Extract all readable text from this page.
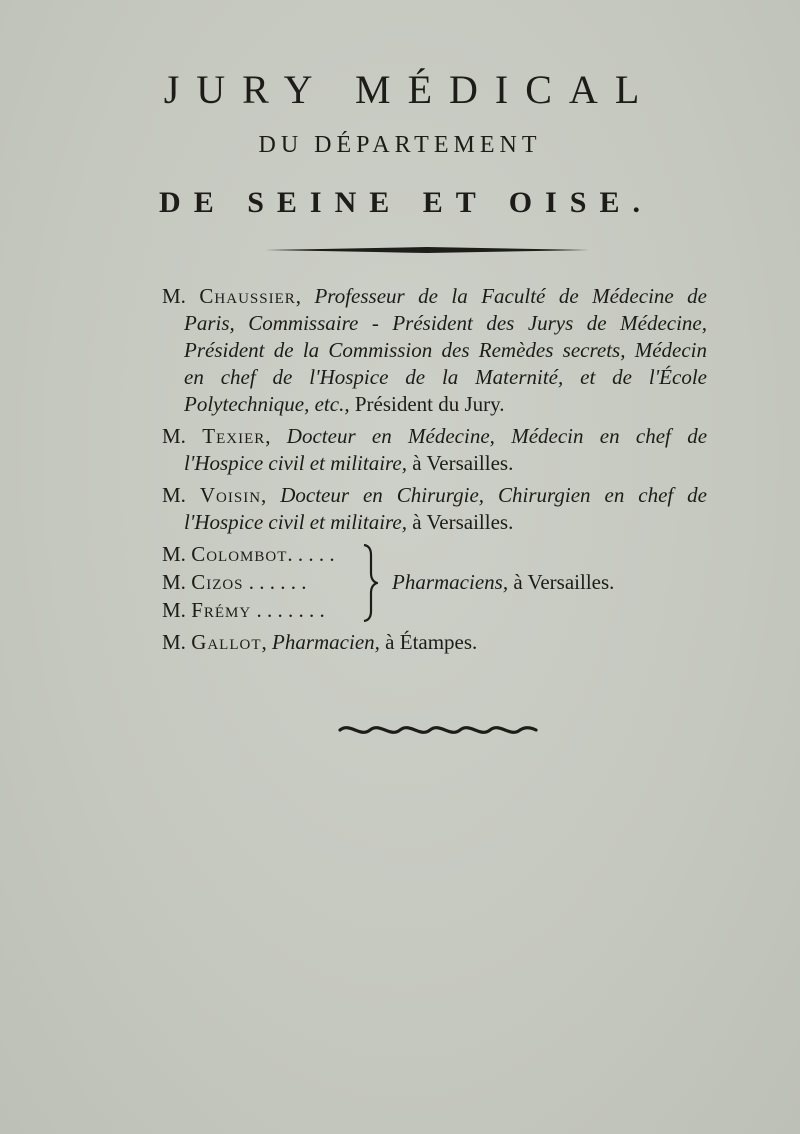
JURY MÉDICAL
DU DÉPARTEMENT
DE SEINE ET OISE.
M. Chaussier, Professeur de la Faculté de Médecine de
Paris, Commissaire - Président des Jurys de Médecine,
Président de la Commission des Remèdes secrets, Médecin
en chef de l'Hospice de la Maternité, et de l'École
Polytechnique, etc., Président du Jury.
M. Texier, Docteur en Médecine, Médecin en chef de
l'Hospice civil et militaire, à Versailles.
M. Voisin, Docteur en Chirurgie, Chirurgien en chef de
l'Hospice civil et militaire, à Versailles.
M. Colombot. . . . .
M. Cizos . . . . . .
M. Frémy . . . . . . .
Pharmaciens, à Versailles.
M. Gallot, Pharmacien, à Étampes.
